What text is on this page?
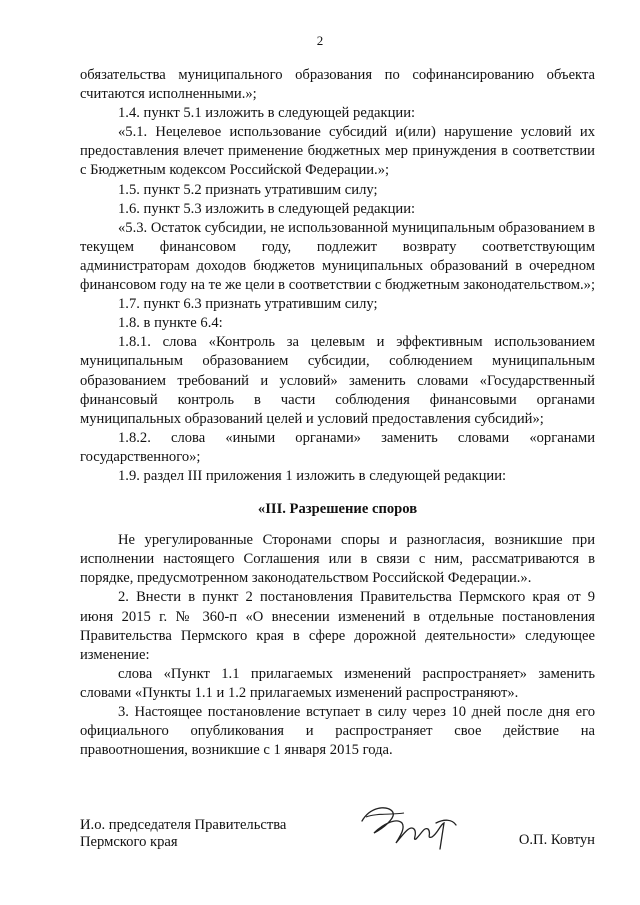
2

обязательства муниципального образования по софинансированию объекта считаются исполненными.»;

1.4. пункт 5.1 изложить в следующей редакции:

«5.1. Нецелевое использование субсидий и(или) нарушение условий их предоставления влечет применение бюджетных мер принуждения в соответствии с Бюджетным кодексом Российской Федерации.»;

1.5. пункт 5.2 признать утратившим силу;

1.6. пункт 5.3 изложить в следующей редакции:

«5.3. Остаток субсидии, не использованной муниципальным образованием в текущем финансовом году, подлежит возврату соответствующим администраторам доходов бюджетов муниципальных образований в очередном финансовом году на те же цели в соответствии с бюджетным законодательством.»;

1.7. пункт 6.3 признать утратившим силу;

1.8. в пункте 6.4:

1.8.1. слова «Контроль за целевым и эффективным использованием муниципальным образованием субсидии, соблюдением муниципальным образованием требований и условий» заменить словами «Государственный финансовый контроль в части соблюдения финансовыми органами муниципальных образований целей и условий предоставления субсидий»;

1.8.2. слова «иными органами» заменить словами «органами государственного»;

1.9. раздел III приложения 1 изложить в следующей редакции:

«III. Разрешение споров

Не урегулированные Сторонами споры и разногласия, возникшие при исполнении настоящего Соглашения или в связи с ним, рассматриваются в порядке, предусмотренном законодательством Российской Федерации.».

2. Внести в пункт 2 постановления Правительства Пермского края от 9 июня 2015 г. № 360-п «О внесении изменений в отдельные постановления Правительства Пермского края в сфере дорожной деятельности» следующее изменение:

слова «Пункт 1.1 прилагаемых изменений распространяет» заменить словами «Пункты 1.1 и 1.2 прилагаемых изменений распространяют».

3. Настоящее постановление вступает в силу через 10 дней после дня его официального опубликования и распространяет свое действие на правоотношения, возникшие с 1 января 2015 года.

И.о. председателя Правительства
Пермского края	О.П. Ковтун
